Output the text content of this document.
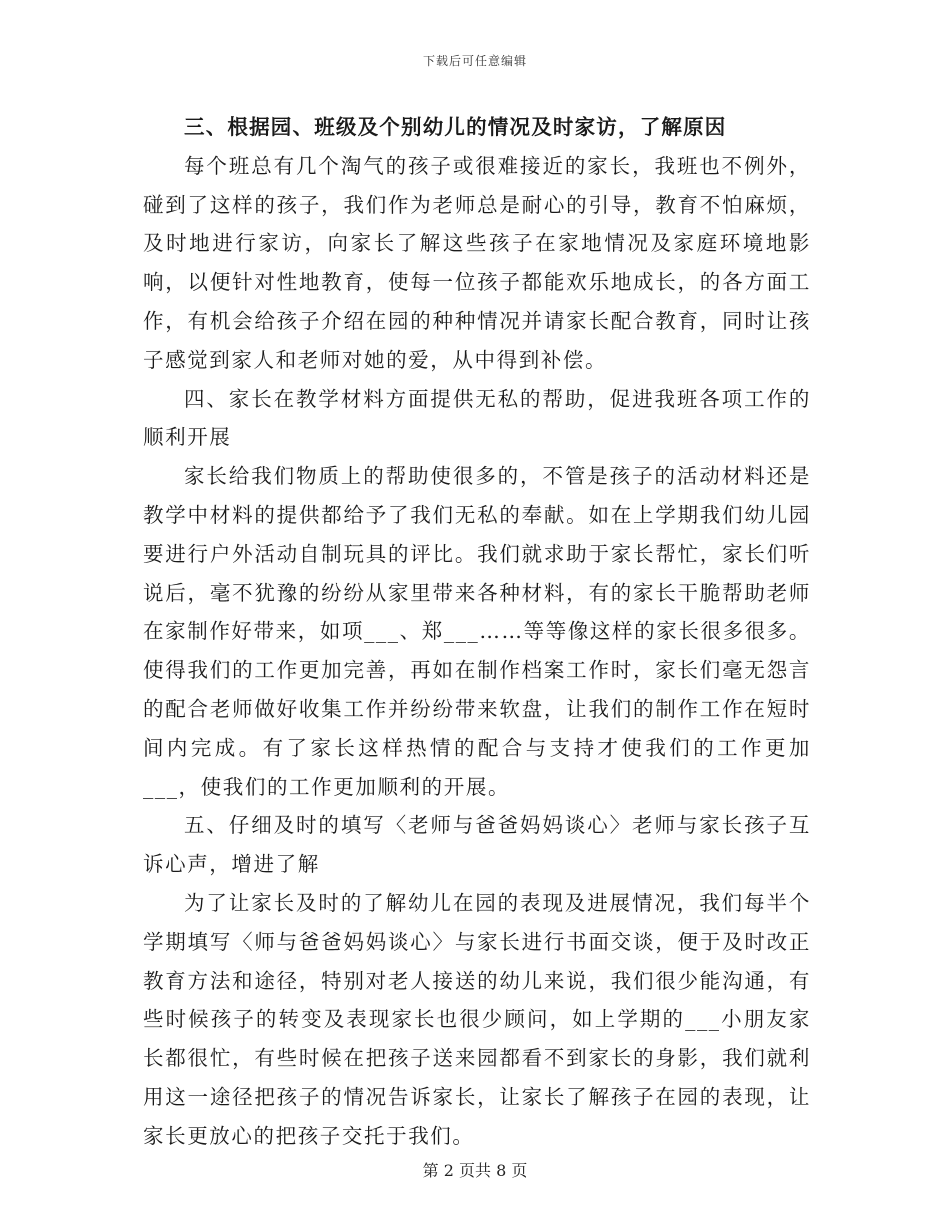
下载后可任意编辑

三、根据园、班级及个别幼儿的情况及时家访，了解原因

每个班总有几个淘气的孩子或很难接近的家长，我班也不例外，碰到了这样的孩子，我们作为老师总是耐心的引导，教育不怕麻烦，及时地进行家访，向家长了解这些孩子在家地情况及家庭环境地影响，以便针对性地教育，使每一位孩子都能欢乐地成长，的各方面工作，有机会给孩子介绍在园的种种情况并请家长配合教育，同时让孩子感觉到家人和老师对她的爱，从中得到补偿。

四、家长在教学材料方面提供无私的帮助，促进我班各项工作的顺利开展

家长给我们物质上的帮助使很多的，不管是孩子的活动材料还是教学中材料的提供都给予了我们无私的奉献。如在上学期我们幼儿园要进行户外活动自制玩具的评比。我们就求助于家长帮忙，家长们听说后，毫不犹豫的纷纷从家里带来各种材料，有的家长干脆帮助老师在家制作好带来，如项___、郑___……等等像这样的家长很多很多。使得我们的工作更加完善，再如在制作档案工作时，家长们毫无怨言的配合老师做好收集工作并纷纷带来软盘，让我们的制作工作在短时间内完成。有了家长这样热情的配合与支持才使我们的工作更加___，使我们的工作更加顺利的开展。

五、仔细及时的填写〈老师与爸爸妈妈谈心〉老师与家长孩子互诉心声，增进了解

为了让家长及时的了解幼儿在园的表现及进展情况，我们每半个学期填写〈师与爸爸妈妈谈心〉与家长进行书面交谈，便于及时改正教育方法和途径，特别对老人接送的幼儿来说，我们很少能沟通，有些时候孩子的转变及表现家长也很少顾问，如上学期的___小朋友家长都很忙，有些时候在把孩子送来园都看不到家长的身影，我们就利用这一途径把孩子的情况告诉家长，让家长了解孩子在园的表现，让家长更放心的把孩子交托于我们。

第 2 页共 8 页
